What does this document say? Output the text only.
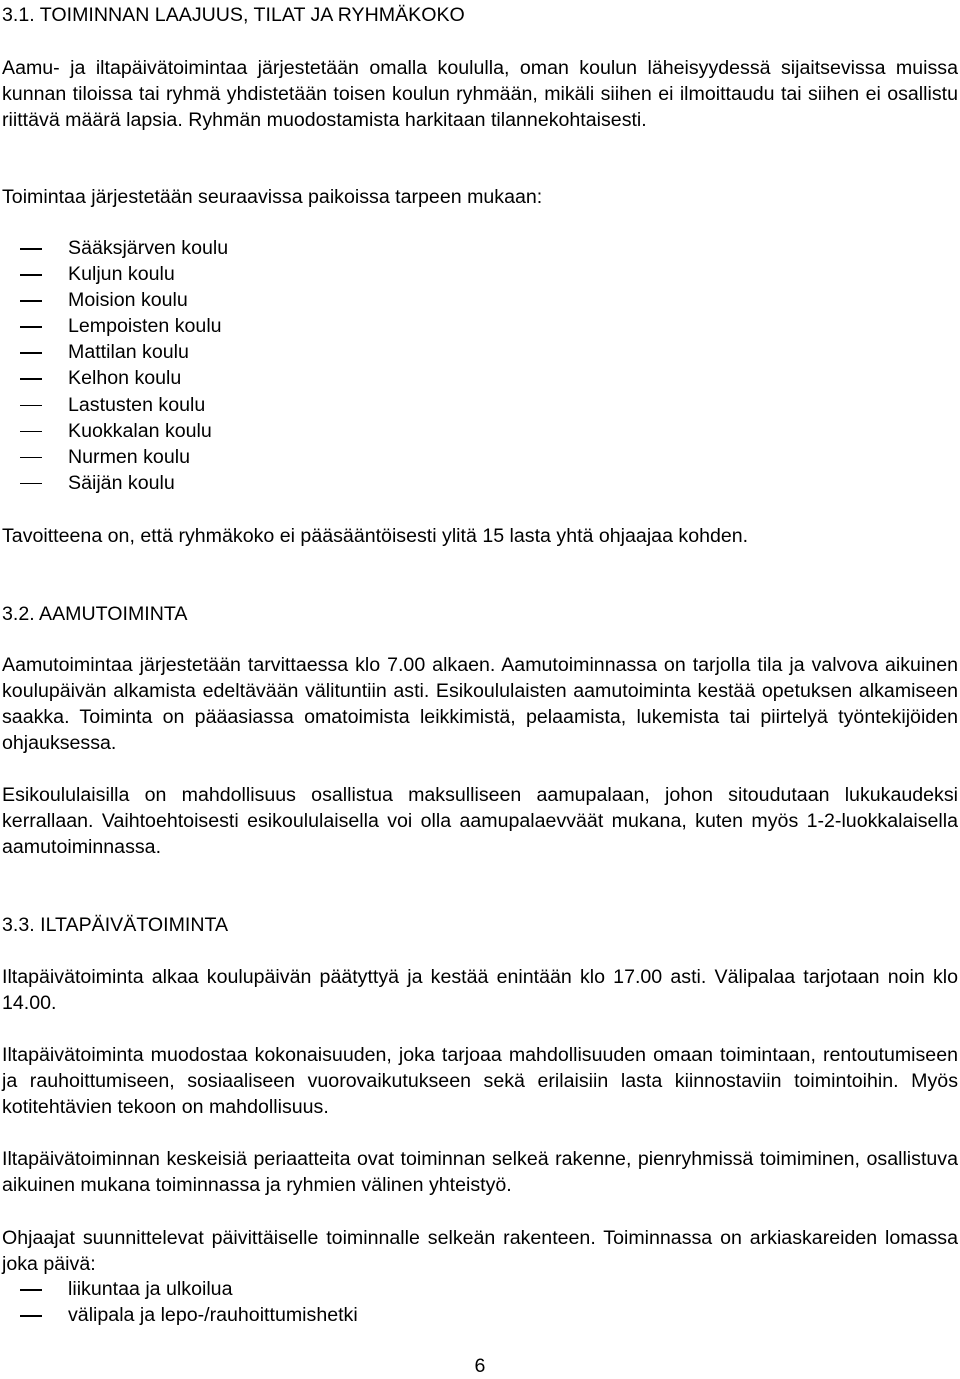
3.1. TOIMINNAN LAAJUUS, TILAT JA RYHMÄKOKO

Aamu- ja iltapäivätoimintaa järjestetään omalla koululla, oman koulun läheisyydessä sijaitsevissa muissa kunnan tiloissa tai ryhmä yhdistetään toisen koulun ryhmään, mikäli siihen ei ilmoittaudu tai siihen ei osallistu riittävä määrä lapsia. Ryhmän muodostamista harkitaan tilannekohtaisesti.

Toimintaa järjestetään seuraavissa paikoissa tarpeen mukaan:

Sääksjärven koulu
Kuljun koulu
Moision koulu
Lempoisten koulu
Mattilan koulu
Kelhon koulu
Lastusten koulu
Kuokkalan koulu
Nurmen koulu
Säijän koulu

Tavoitteena on, että ryhmäkoko ei pääsääntöisesti ylitä 15 lasta yhtä ohjaajaa kohden.

3.2. AAMUTOIMINTA

Aamutoimintaa järjestetään tarvittaessa klo 7.00 alkaen. Aamutoiminnassa on tarjolla tila ja valvova aikuinen koulupäivän alkamista edeltävään välituntiin asti. Esikoululaisten aamutoiminta kestää opetuksen alkamiseen saakka. Toiminta on pääasiassa omatoimista leikkimistä, pelaamista, lukemista tai piirtelyä työntekijöiden ohjauksessa.

Esikoululaisilla on mahdollisuus osallistua maksulliseen aamupalaan, johon sitoudutaan lukukaudeksi kerrallaan. Vaihtoehtoisesti esikoululaisella voi olla aamupalaevväät mukana, kuten myös 1-2-luokkalaisella aamutoiminnassa.

3.3. ILTAPÄIVÄTOIMINTA

Iltapäivätoiminta alkaa koulupäivän päätyttyä ja kestää enintään klo 17.00 asti. Välipalaa tarjotaan noin klo 14.00.

Iltapäivätoiminta muodostaa kokonaisuuden, joka tarjoaa mahdollisuuden omaan toimintaan, rentoutumiseen ja rauhoittumiseen, sosiaaliseen vuorovaikutukseen sekä erilaisiin lasta kiinnostaviin toimintoihin. Myös kotitehtävien tekoon on mahdollisuus.

Iltapäivätoiminnan keskeisiä periaatteita ovat toiminnan selkeä rakenne, pienryhmissä toimiminen, osallistuva aikuinen mukana toiminnassa ja ryhmien välinen yhteistyö.

Ohjaajat suunnittelevat päivittäiselle toiminnalle selkeän rakenteen. Toiminnassa on arkiaskareiden lomassa joka päivä:

liikuntaa ja ulkoilua
välipala ja lepo-/rauhoittumishetki
6
